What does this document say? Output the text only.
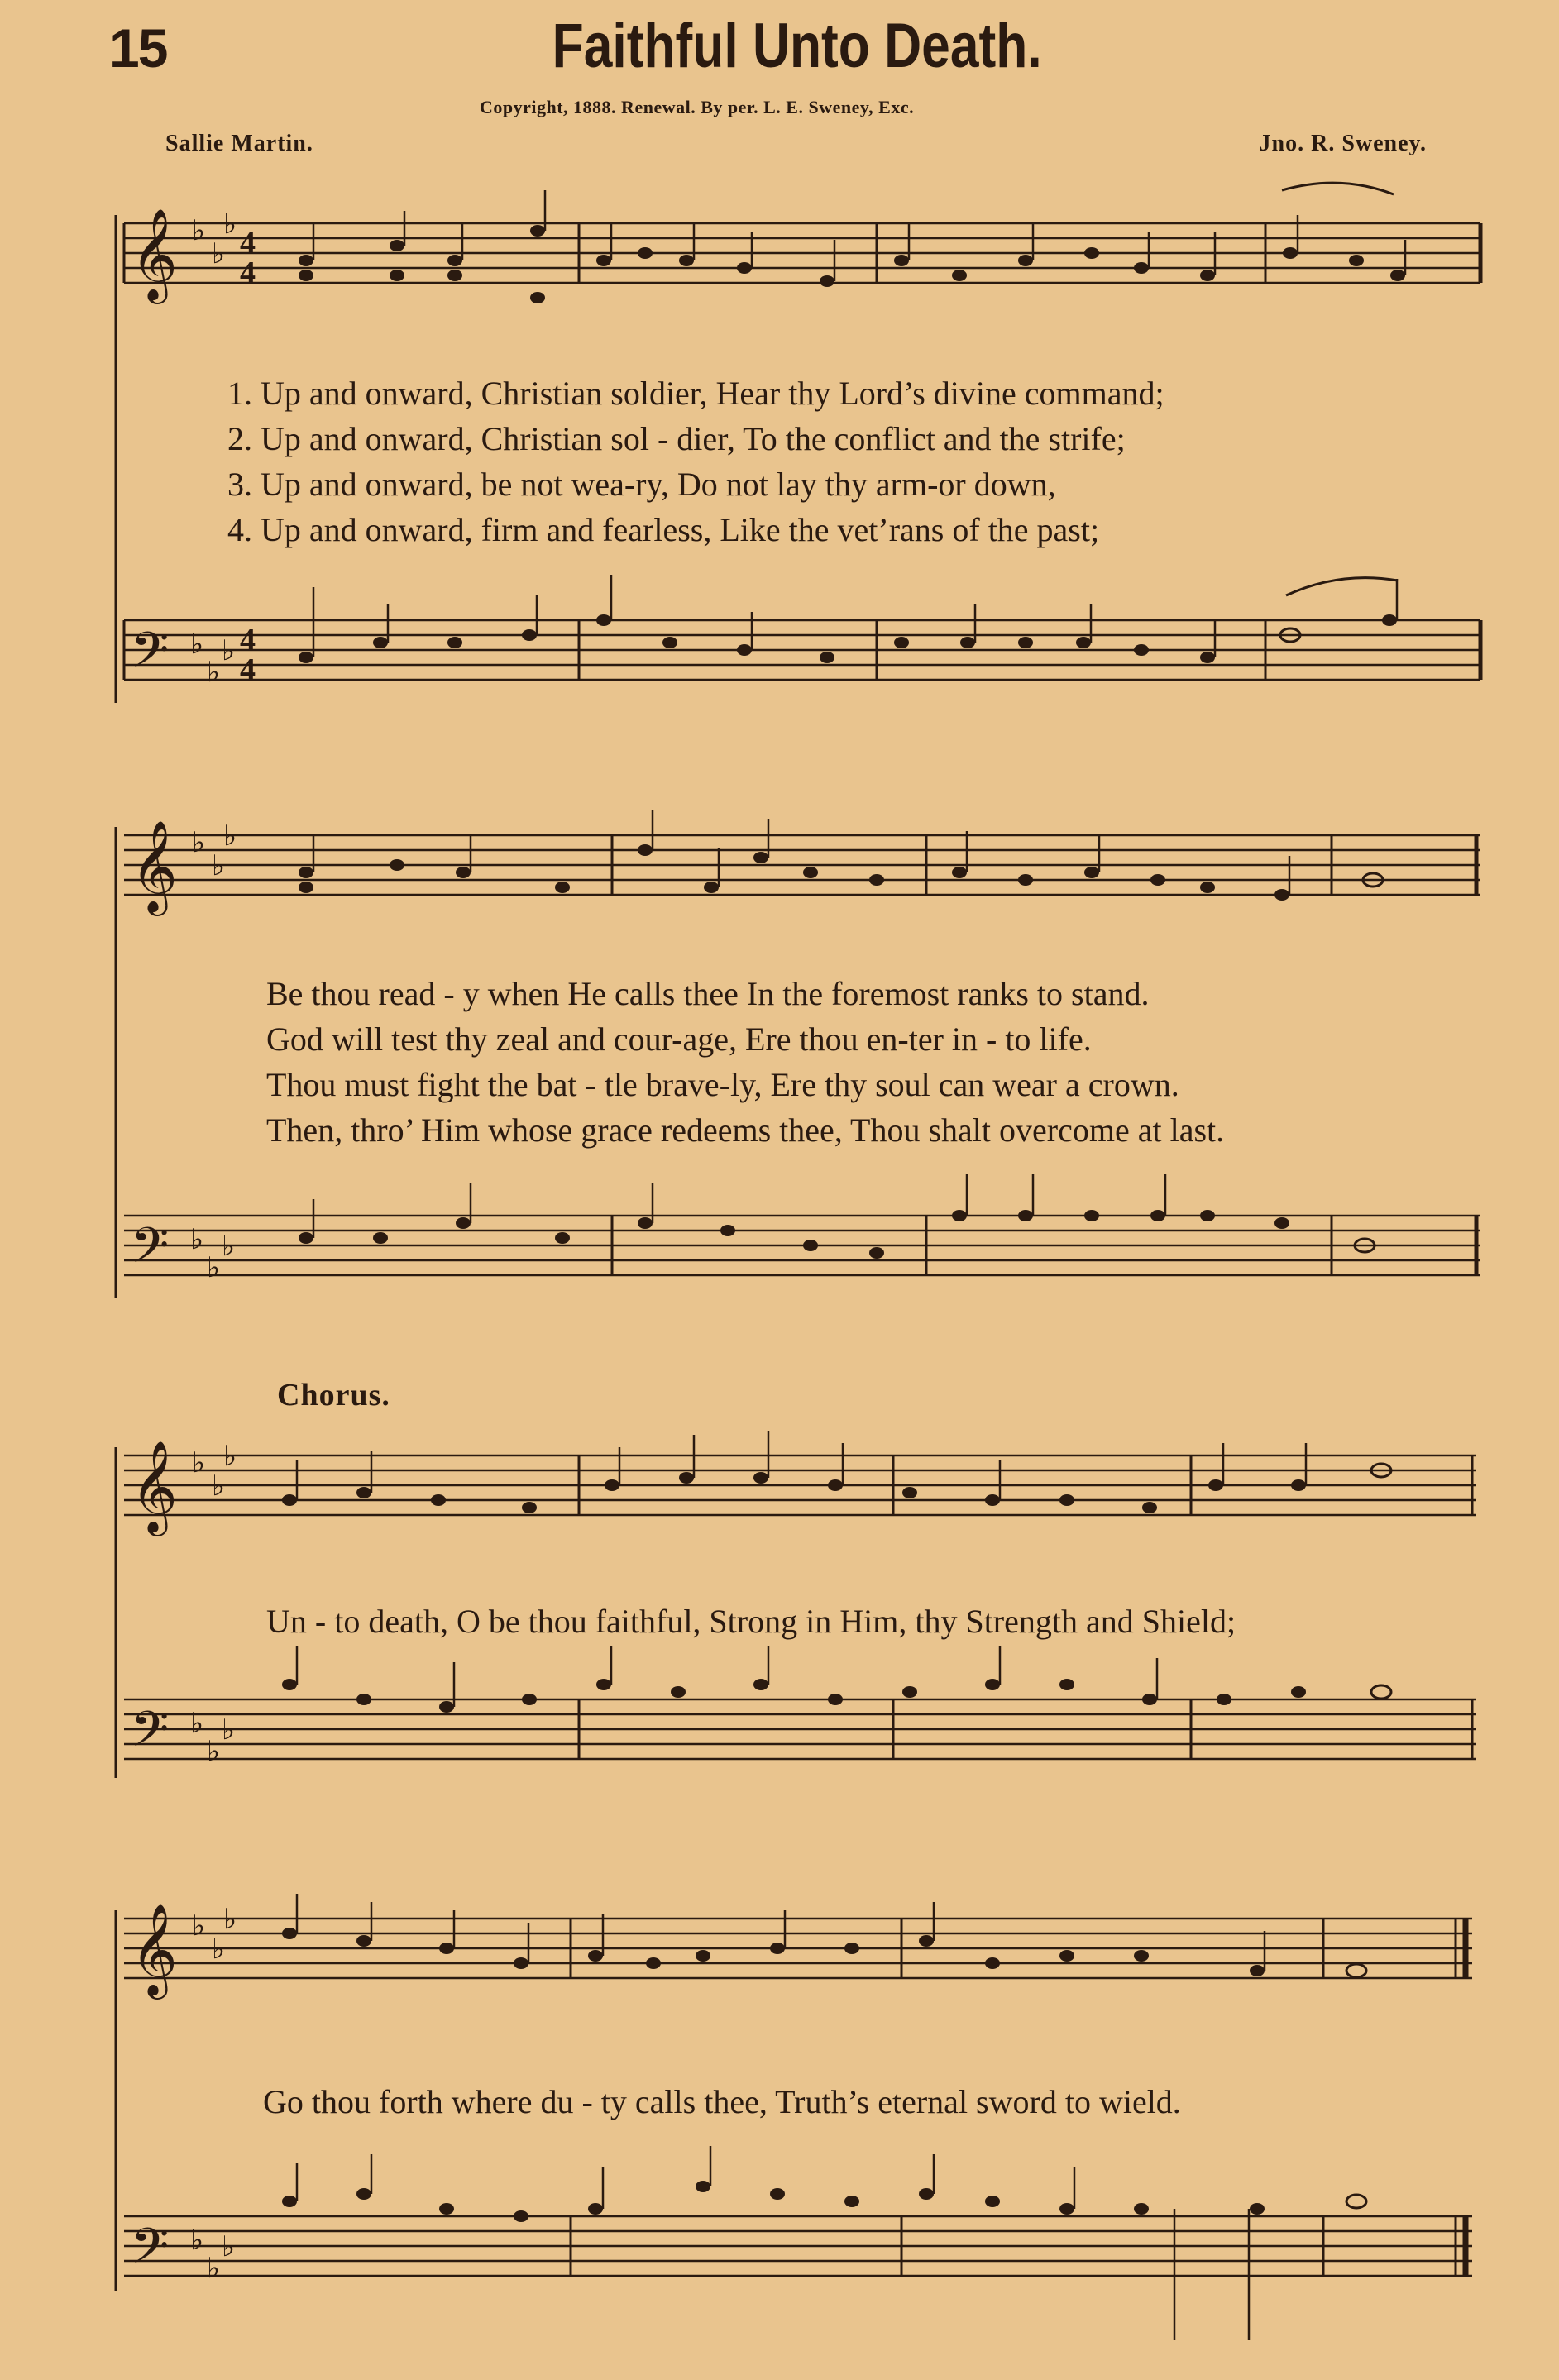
15	Faithful Unto Death.
Copyright, 1888. Renewal. By per. L. E. Sweney, Exc.
Sallie Martin.	Jno. R. Sweney.
𝄞
𝄢
4
4
4
4
♭
♭
♭
♭
♭
♭
1. Up and onward, Christian soldier, Hear thy Lord’s divine command;
2. Up and onward, Christian sol - dier, To the conflict and the strife;
3. Up and onward, be not wea-ry, Do not lay thy arm-or down,
4. Up and onward, firm and fearless, Like the vet’rans of the past;
𝄞
𝄢
♭
♭
♭
♭
♭
♭
Be thou read - y when He calls thee In the foremost ranks to stand.
God will test thy zeal and cour-age, Ere thou en-ter in - to life.
Thou must fight the bat - tle brave-ly, Ere thy soul can wear a crown.
Then, thro’ Him whose grace redeems thee, Thou shalt overcome at last.
Chorus.
𝄞
𝄢
♭
♭
♭
♭
♭
♭
Un - to death, O be thou faithful, Strong in Him, thy Strength and Shield;
𝄞
𝄢
♭
♭
♭
♭
♭
♭
Go thou forth where du - ty calls thee, Truth’s eternal sword to wield.
